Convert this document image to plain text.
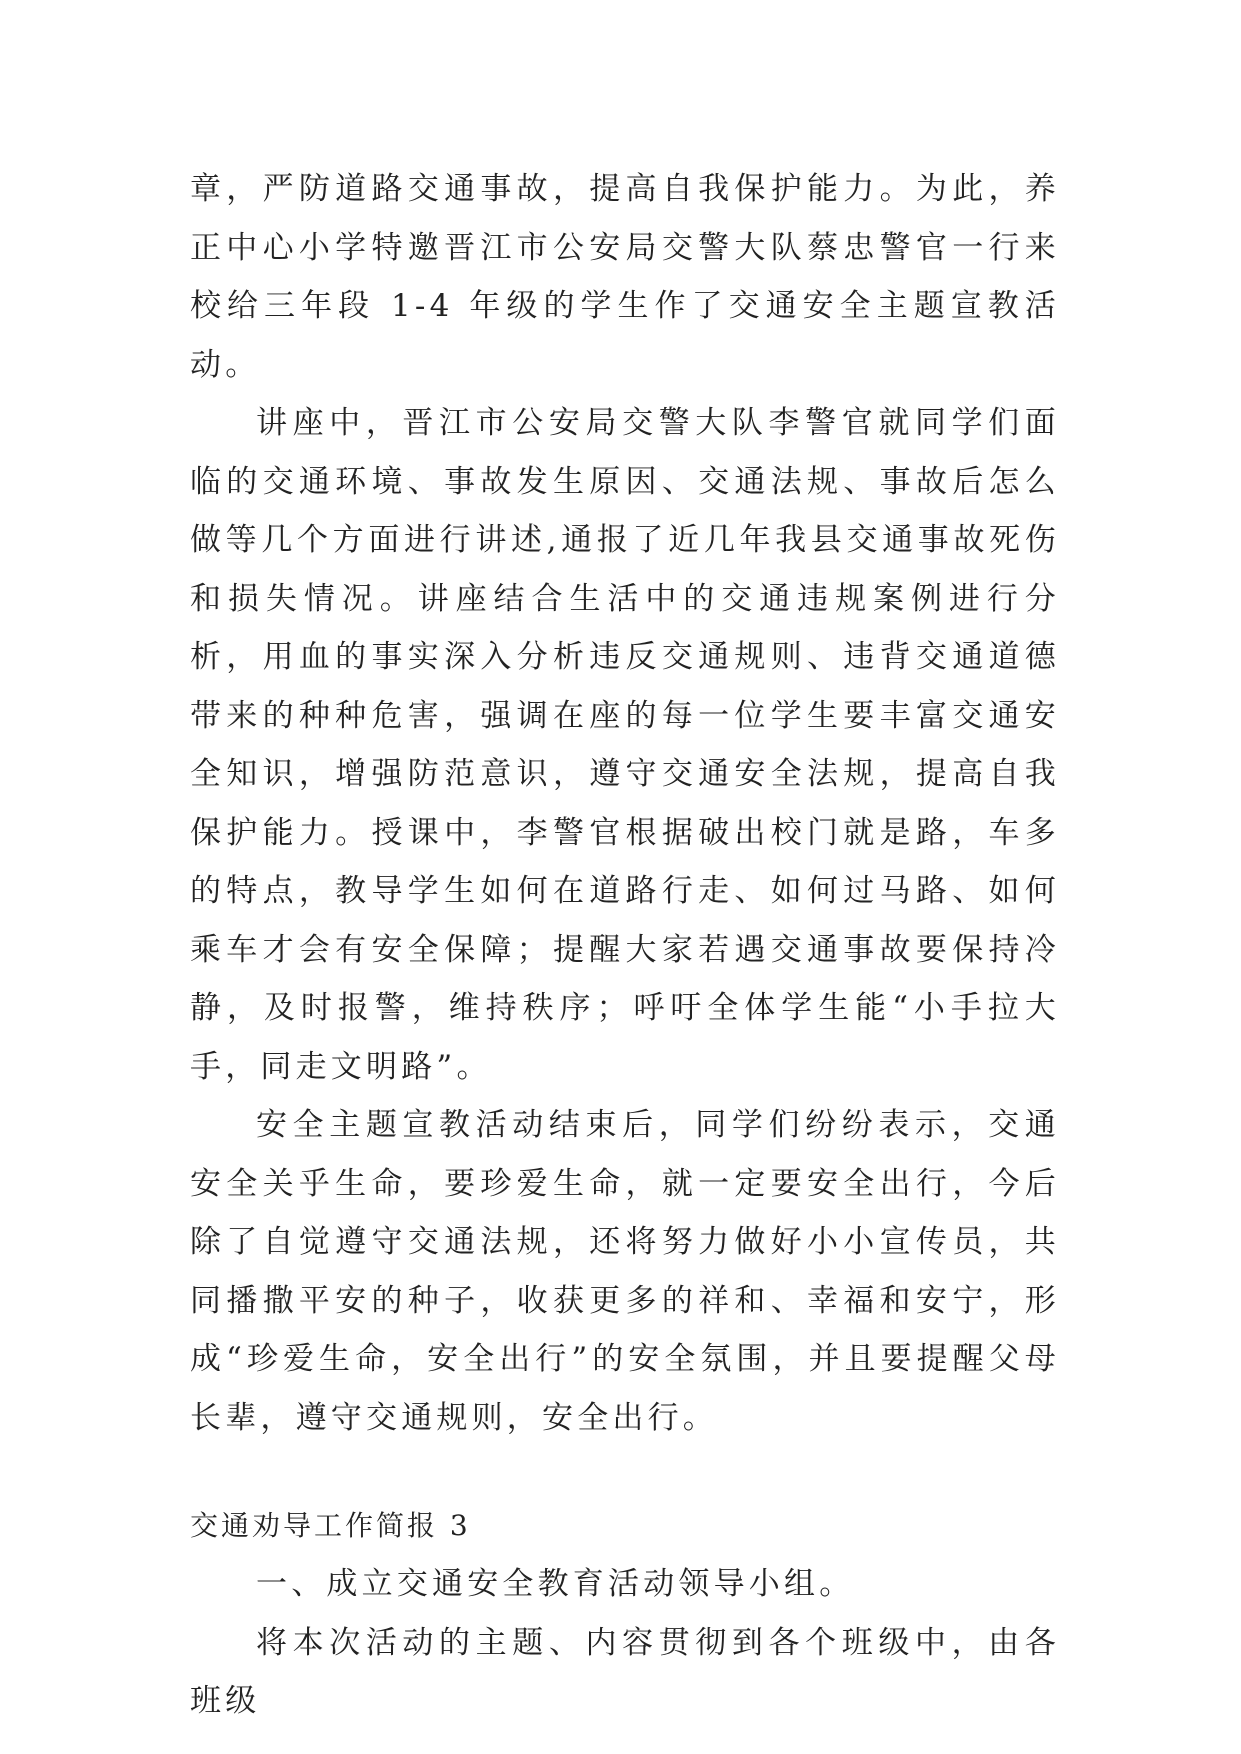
章，严防道路交通事故，提高自我保护能力。为此，养正中心小学特邀晋江市公安局交警大队蔡忠警官一行来校给三年段 1-4 年级的学生作了交通安全主题宣教活动。

讲座中，晋江市公安局交警大队李警官就同学们面临的交通环境、事故发生原因、交通法规、事故后怎么做等几个方面进行讲述,通报了近几年我县交通事故死伤和损失情况。讲座结合生活中的交通违规案例进行分析，用血的事实深入分析违反交通规则、违背交通道德带来的种种危害，强调在座的每一位学生要丰富交通安全知识，增强防范意识，遵守交通安全法规，提高自我保护能力。授课中，李警官根据破出校门就是路，车多的特点，教导学生如何在道路行走、如何过马路、如何乘车才会有安全保障；提醒大家若遇交通事故要保持冷静，及时报警，维持秩序；呼吁全体学生能“小手拉大手，同走文明路”。

安全主题宣教活动结束后，同学们纷纷表示，交通安全关乎生命，要珍爱生命，就一定要安全出行，今后除了自觉遵守交通法规，还将努力做好小小宣传员，共同播撒平安的种子，收获更多的祥和、幸福和安宁，形成“珍爱生命，安全出行”的安全氛围，并且要提醒父母长辈，遵守交通规则，安全出行。

交通劝导工作简报 3

一、成立交通安全教育活动领导小组。

将本次活动的主题、内容贯彻到各个班级中，由各班级
